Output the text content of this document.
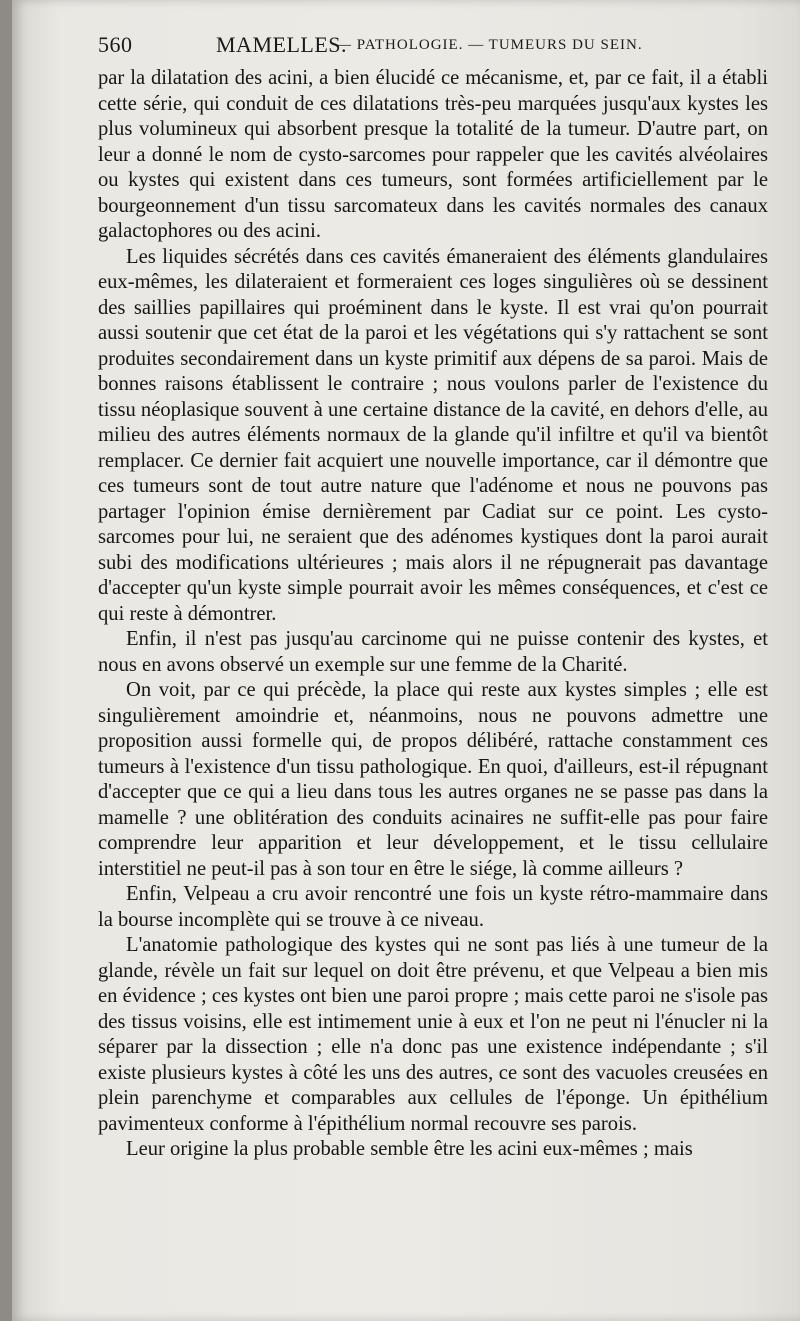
560	MAMELLES.
— PATHOLOGIE. — TUMEURS DU SEIN.

par la dilatation des acini, a bien élucidé ce mécanisme, et, par ce fait, il a établi cette série, qui conduit de ces dilatations très-peu marquées jusqu'aux kystes les plus volumineux qui absorbent presque la totalité de la tumeur. D'autre part, on leur a donné le nom de cysto-sarcomes pour rappeler que les cavités alvéolaires ou kystes qui existent dans ces tumeurs, sont formées artificiellement par le bourgeonnement d'un tissu sarcomateux dans les cavités normales des canaux galactophores ou des acini.

Les liquides sécrétés dans ces cavités émaneraient des éléments glandulaires eux-mêmes, les dilateraient et formeraient ces loges singulières où se dessinent des saillies papillaires qui proéminent dans le kyste. Il est vrai qu'on pourrait aussi soutenir que cet état de la paroi et les végétations qui s'y rattachent se sont produites secondairement dans un kyste primitif aux dépens de sa paroi. Mais de bonnes raisons établissent le contraire ; nous voulons parler de l'existence du tissu néoplasique souvent à une certaine distance de la cavité, en dehors d'elle, au milieu des autres éléments normaux de la glande qu'il infiltre et qu'il va bientôt remplacer. Ce dernier fait acquiert une nouvelle importance, car il démontre que ces tumeurs sont de tout autre nature que l'adénome et nous ne pouvons pas partager l'opinion émise dernièrement par Cadiat sur ce point. Les cysto-sarcomes pour lui, ne seraient que des adénomes kystiques dont la paroi aurait subi des modifications ultérieures ; mais alors il ne répugnerait pas davantage d'accepter qu'un kyste simple pourrait avoir les mêmes conséquences, et c'est ce qui reste à démontrer.

Enfin, il n'est pas jusqu'au carcinome qui ne puisse contenir des kystes, et nous en avons observé un exemple sur une femme de la Charité.

On voit, par ce qui précède, la place qui reste aux kystes simples ; elle est singulièrement amoindrie et, néanmoins, nous ne pouvons admettre une proposition aussi formelle qui, de propos délibéré, rattache constamment ces tumeurs à l'existence d'un tissu pathologique. En quoi, d'ailleurs, est-il répugnant d'accepter que ce qui a lieu dans tous les autres organes ne se passe pas dans la mamelle ? une oblitération des conduits acinaires ne suffit-elle pas pour faire comprendre leur apparition et leur développement, et le tissu cellulaire interstitiel ne peut-il pas à son tour en être le siége, là comme ailleurs ?

Enfin, Velpeau a cru avoir rencontré une fois un kyste rétro-mammaire dans la bourse incomplète qui se trouve à ce niveau.

L'anatomie pathologique des kystes qui ne sont pas liés à une tumeur de la glande, révèle un fait sur lequel on doit être prévenu, et que Velpeau a bien mis en évidence ; ces kystes ont bien une paroi propre ; mais cette paroi ne s'isole pas des tissus voisins, elle est intimement unie à eux et l'on ne peut ni l'énucler ni la séparer par la dissection ; elle n'a donc pas une existence indépendante ; s'il existe plusieurs kystes à côté les uns des autres, ce sont des vacuoles creusées en plein parenchyme et comparables aux cellules de l'éponge. Un épithélium pavimenteux conforme à l'épithélium normal recouvre ses parois.

Leur origine la plus probable semble être les acini eux-mêmes ; mais
